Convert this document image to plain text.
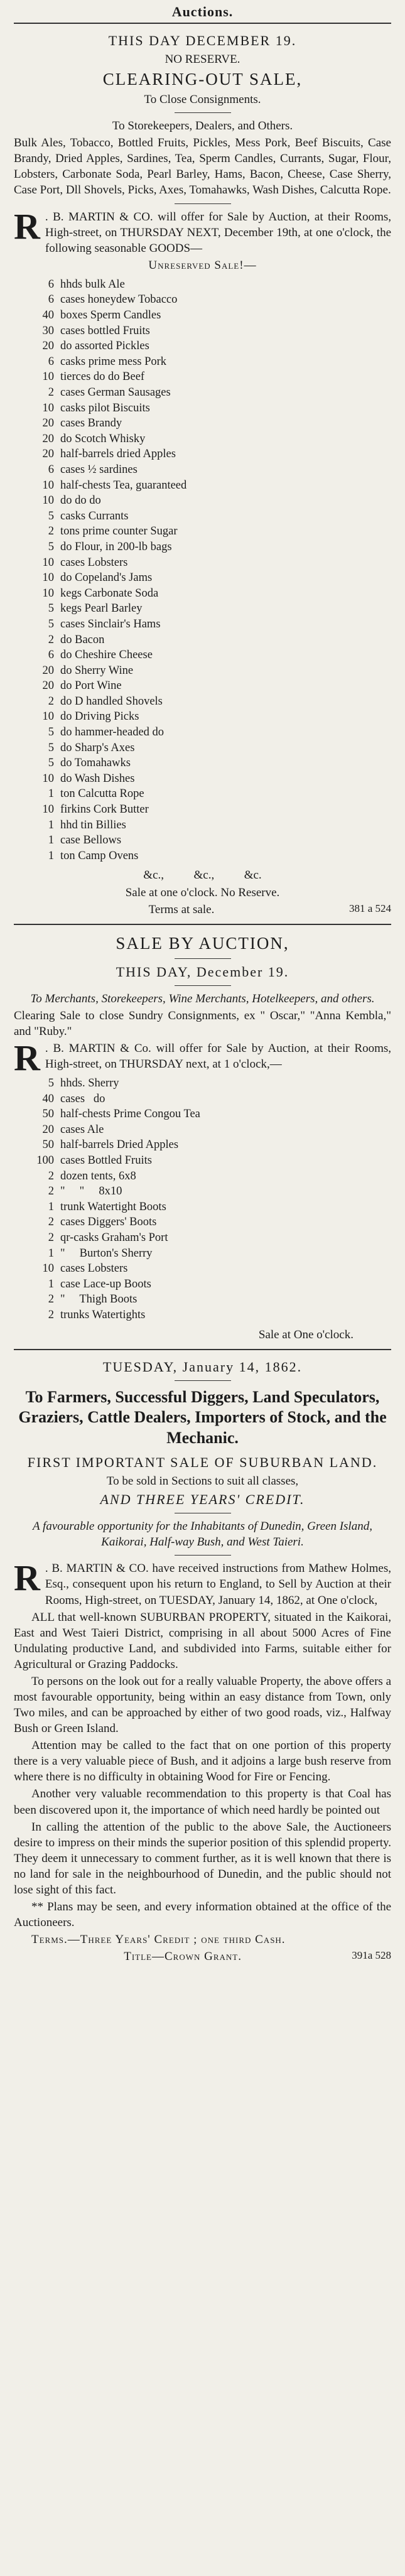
Auctions.
THIS DAY DECEMBER 19.
NO RESERVE.
CLEARING-OUT SALE,
To Close Consignments.
To Storekeepers, Dealers, and Others.
Bulk Ales, Tobacco, Bottled Fruits, Pickles, Mess Pork, Beef Biscuits, Case Brandy, Dried Apples, Sardines, Tea, Sperm Candles, Currants, Sugar, Flour, Lobsters, Carbonate Soda, Pearl Barley, Hams, Bacon, Cheese, Case Sherry, Case Port, Dll Shovels, Picks, Axes, Tomahawks, Wash Dishes, Calcutta Rope.
R . B. MARTIN & CO. will offer for Sale by Auction, at their Rooms, High-street, on THURSDAY NEXT, December 19th, at one o'clock, the following seasonable GOODS—
Unreserved Sale!—
6 hhds bulk Ale
6 cases honeydew Tobacco
40 boxes Sperm Candles
30 cases bottled Fruits
20 do assorted Pickles
6 casks prime mess Pork
10 tierces do do Beef
2 cases German Sausages
10 casks pilot Biscuits
20 cases Brandy
20 do Scotch Whisky
20 half-barrels dried Apples
6 cases ½ sardines
10 half-chests Tea, guaranteed
10 do do do
5 casks Currants
2 tons prime counter Sugar
5 do Flour, in 200-lb bags
10 cases Lobsters
10 do Copeland's Jams
10 kegs Carbonate Soda
5 kegs Pearl Barley
5 cases Sinclair's Hams
2 do Bacon
6 do Cheshire Cheese
20 do Sherry Wine
20 do Port Wine
2 do D handled Shovels
10 do Driving Picks
5 do hammer-headed do
5 do Sharp's Axes
5 do Tomahawks
10 do Wash Dishes
1 ton Calcutta Rope
10 firkins Cork Butter
1 hhd tin Billies
1 case Bellows
1 ton Camp Ovens
&c.,          &c.,          &c.
Sale at one o'clock. No Reserve.
381 a 524
Terms at sale.
SALE BY AUCTION,
THIS DAY, December 19.
To Merchants, Storekeepers, Wine Merchants, Hotelkeepers, and others.
Clearing Sale to close Sundry Consignments, ex " Oscar," "Anna Kembla," and "Ruby."
R . B. MARTIN & Co. will offer for Sale by Auction, at their Rooms, High-street, on THURSDAY next, at 1 o'clock,—
5 hhds. Sherry
40 cases   do
50 half-chests Prime Congou Tea
20 cases Ale
50 half-barrels Dried Apples
100 cases Bottled Fruits
2 dozen tents, 6x8
2 "     "     8x10
1 trunk Watertight Boots
2 cases Diggers' Boots
2 qr-casks Graham's Port
1 "     Burton's Sherry
10 cases Lobsters
1 case Lace-up Boots
2 "     Thigh Boots
2 trunks Watertights
Sale at One o'clock.
TUESDAY, January 14, 1862.
To Farmers, Successful Diggers, Land Speculators, Graziers, Cattle Dealers, Importers of Stock, and the Mechanic.
FIRST IMPORTANT SALE OF SUBURBAN LAND.
To be sold in Sections to suit all classes,
AND THREE YEARS' CREDIT.
A favourable opportunity for the Inhabitants of Dunedin, Green Island, Kaikorai, Half-way Bush, and West Taieri.
R . B. MARTIN & CO. have received instructions from Mathew Holmes, Esq., consequent upon his return to England, to Sell by Auction at their Rooms, High-street, on TUESDAY, January 14, 1862, at One o'clock,
ALL that well-known SUBURBAN PROPERTY, situated in the Kaikorai, East and West Taieri District, comprising in all about 5000 Acres of Fine Undulating productive Land, and subdivided into Farms, suitable either for Agricultural or Grazing Paddocks.
To persons on the look out for a really valuable Property, the above offers a most favourable opportunity, being within an easy distance from Town, only Two miles, and can be approached by either of two good roads, viz., Halfway Bush or Green Island.
Attention may be called to the fact that on one portion of this property there is a very valuable piece of Bush, and it adjoins a large bush reserve from where there is no difficulty in obtaining Wood for Fire or Fencing.
Another very valuable recommendation to this property is that Coal has been discovered upon it, the importance of which need hardly be pointed out
In calling the attention of the public to the above Sale, the Auctioneers desire to impress on their minds the superior position of this splendid property. They deem it unnecessary to comment further, as it is well known that there is no land for sale in the neighbourhood of Dunedin, and the public should not lose sight of this fact.
** Plans may be seen, and every information obtained at the office of the Auctioneers.
Terms.—Three Years' Credit ; one third Cash.
391a 528
Title—Crown Grant.
